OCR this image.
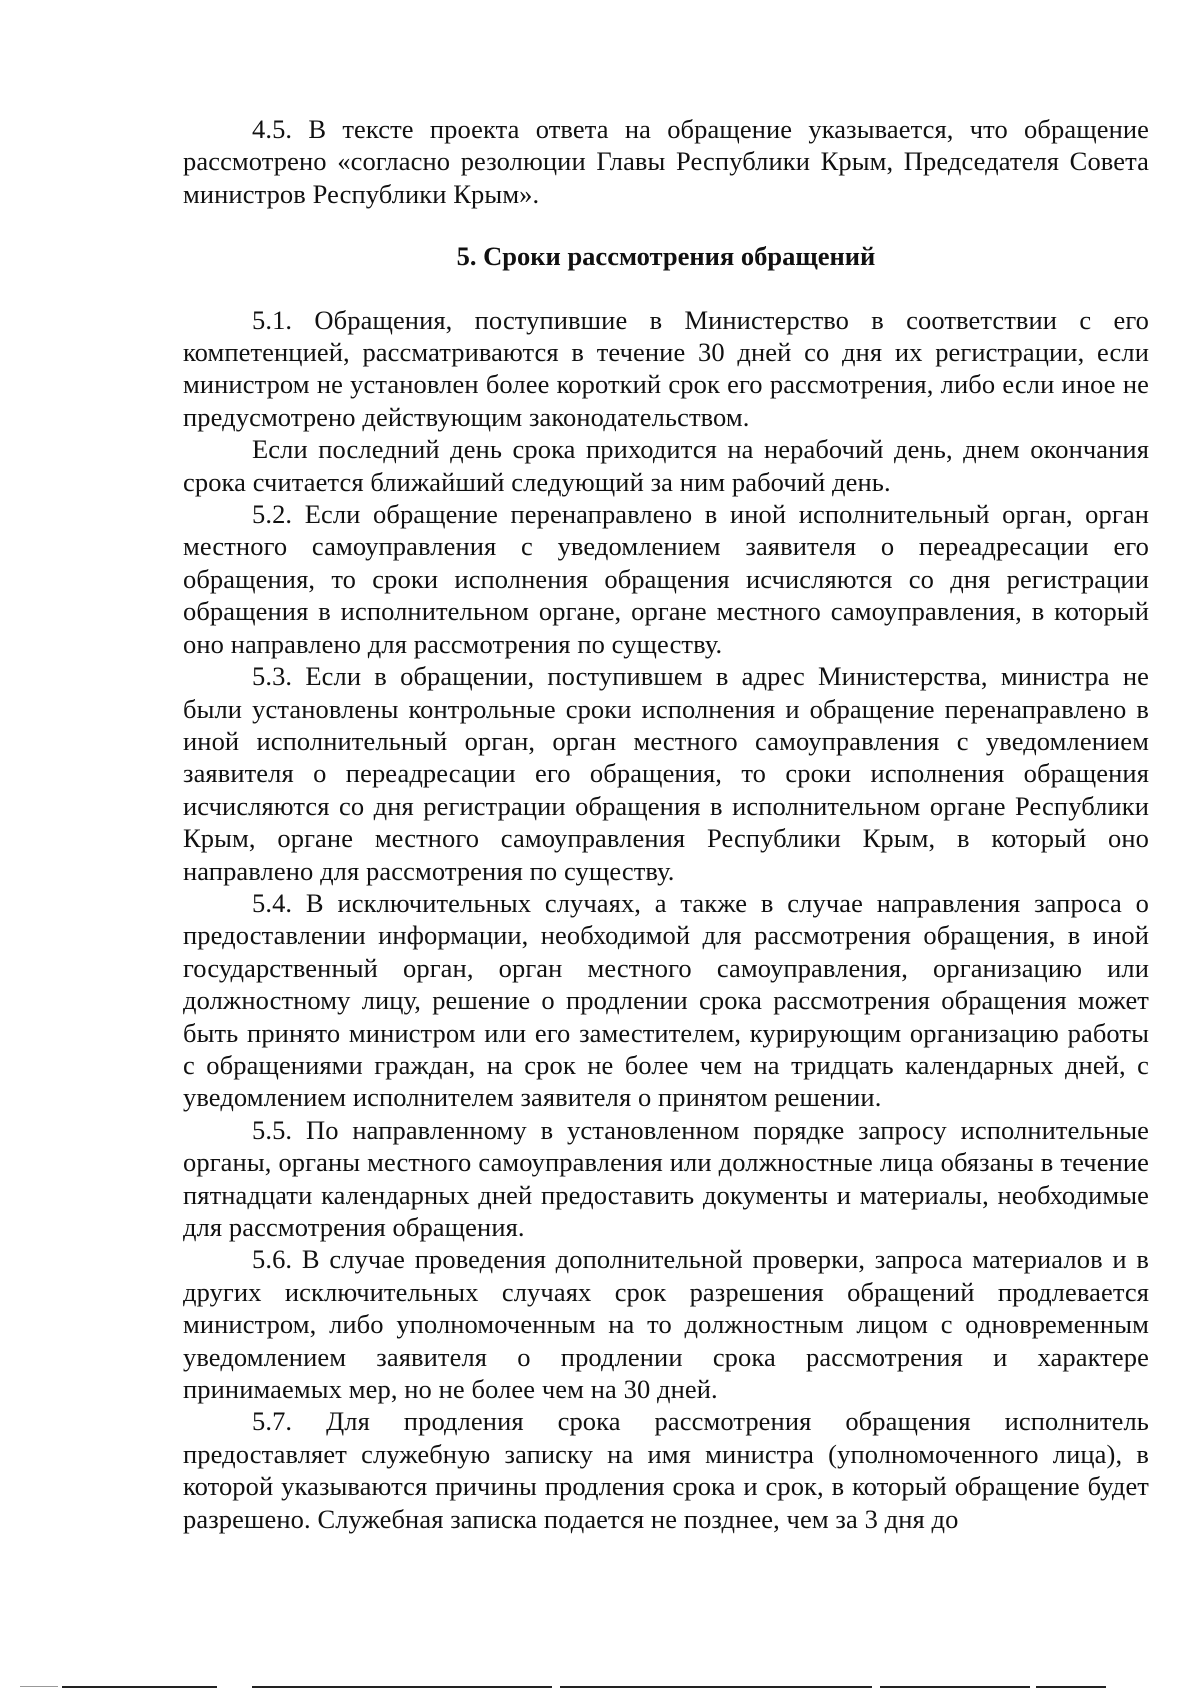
4.5. В тексте проекта ответа на обращение указывается, что обращение рассмотрено «согласно резолюции Главы Республики Крым, Председателя Совета министров Республики Крым».

5. Сроки рассмотрения обращений

5.1. Обращения, поступившие в Министерство в соответствии с его компетенцией, рассматриваются в течение 30 дней со дня их регистрации, если министром не установлен более короткий срок его рассмотрения, либо если иное не предусмотрено действующим законодательством.

Если последний день срока приходится на нерабочий день, днем окончания срока считается ближайший следующий за ним рабочий день.

5.2. Если обращение перенаправлено в иной исполнительный орган, орган местного самоуправления с уведомлением заявителя о переадресации его обращения, то сроки исполнения обращения исчисляются со дня регистрации обращения в исполнительном органе, органе местного самоуправления, в который оно направлено для рассмотрения по существу.

5.3. Если в обращении, поступившем в адрес Министерства, министра не были установлены контрольные сроки исполнения и обращение перенаправлено в иной исполнительный орган, орган местного самоуправления с уведомлением заявителя о переадресации его обращения, то сроки исполнения обращения исчисляются со дня регистрации обращения в исполнительном органе Республики Крым, органе местного самоуправления Республики Крым, в который оно направлено для рассмотрения по существу.

5.4. В исключительных случаях, а также в случае направления запроса о предоставлении информации, необходимой для рассмотрения обращения, в иной государственный орган, орган местного самоуправления, организацию или должностному лицу, решение о продлении срока рассмотрения обращения может быть принято министром или его заместителем, курирующим организацию работы с обращениями граждан, на срок не более чем на тридцать календарных дней, с уведомлением исполнителем заявителя о принятом решении.

5.5. По направленному в установленном порядке запросу исполнительные органы, органы местного самоуправления или должностные лица обязаны в течение пятнадцати календарных дней предоставить документы и материалы, необходимые для рассмотрения обращения.

5.6. В случае проведения дополнительной проверки, запроса материалов и в других исключительных случаях срок разрешения обращений продлевается министром, либо уполномоченным на то должностным лицом с одновременным уведомлением заявителя о продлении срока рассмотрения и характере принимаемых мер, но не более чем на 30 дней.

5.7. Для продления срока рассмотрения обращения исполнитель предоставляет служебную записку на имя министра (уполномоченного лица), в которой указываются причины продления срока и срок, в который обращение будет разрешено. Служебная записка подается не позднее, чем за 3 дня до
